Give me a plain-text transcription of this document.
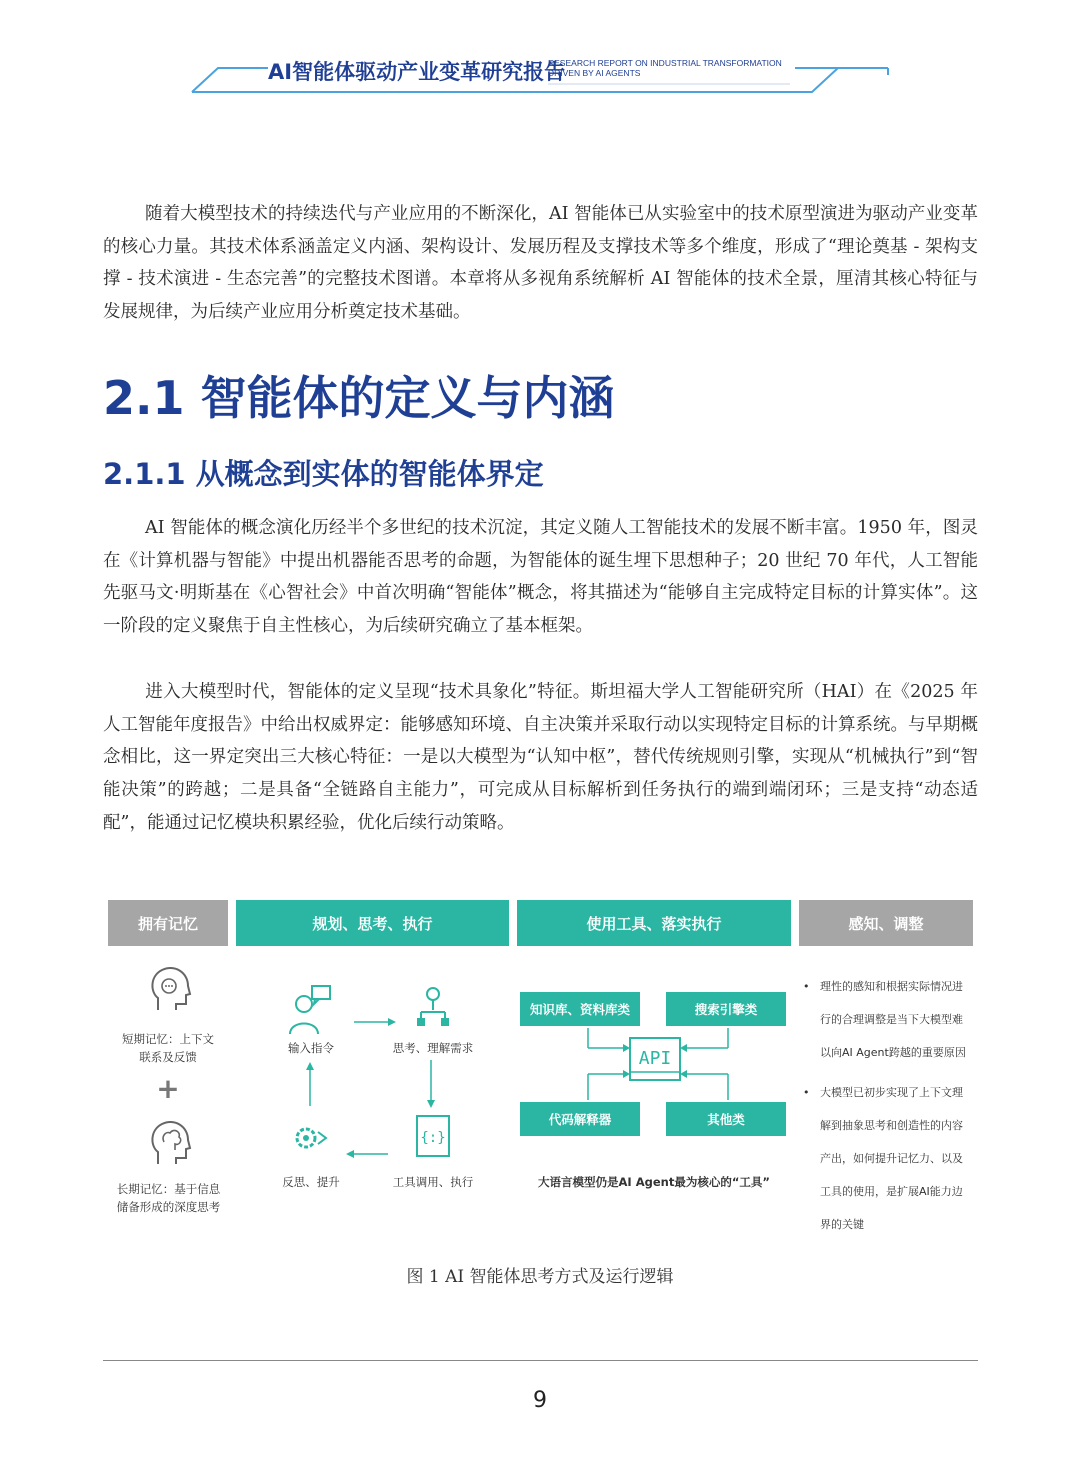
AI智能体驱动产业变革研究报告
RESEARCH REPORT ON INDUSTRIAL TRANSFORMATION
DRIVEN BY AI AGENTS

随着大模型技术的持续迭代与产业应用的不断深化，AI 智能体已从实验室中的技术原型演进为驱动产业变革的核心力量。其技术体系涵盖定义内涵、架构设计、发展历程及支撑技术等多个维度，形成了“理论奠基 - 架构支撑 - 技术演进 - 生态完善”的完整技术图谱。本章将从多视角系统解析 AI 智能体的技术全景，厘清其核心特征与发展规律，为后续产业应用分析奠定技术基础。

2.1 智能体的定义与内涵
2.1.1 从概念到实体的智能体界定

AI 智能体的概念演化历经半个多世纪的技术沉淀，其定义随人工智能技术的发展不断丰富。1950 年，图灵在《计算机器与智能》中提出机器能否思考的命题，为智能体的诞生埋下思想种子；20 世纪 70 年代，人工智能先驱马文·明斯基在《心智社会》中首次明确“智能体”概念，将其描述为“能够自主完成特定目标的计算实体”。这一阶段的定义聚焦于自主性核心，为后续研究确立了基本框架。

进入大模型时代，智能体的定义呈现“技术具象化”特征。斯坦福大学人工智能研究所（HAI）在《2025 年人工智能年度报告》中给出权威界定：能够感知环境、自主决策并采取行动以实现特定目标的计算系统。与早期概念相比，这一界定突出三大核心特征：一是以大模型为“认知中枢”，替代传统规则引擎，实现从“机械执行”到“智能决策”的跨越；二是具备“全链路自主能力”，可完成从目标解析到任务执行的端到端闭环；三是支持“动态适配”，能通过记忆模块积累经验，优化后续行动策略。

拥有记忆	规划、思考、执行	使用工具、落实执行	感知、调整
短期记忆：上下文
联系及反馈
+
长期记忆：基于信息
储备形成的深度思考
输入指令	思考、理解需求
反思、提升
{:}
工具调用、执行
知识库、资料库类	搜索引擎类
代码解释器	其他类
API
大语言模型仍是AI Agent最为核心的“工具”
• 理性的感知和根据实际情况进行的合理调整是当下大模型难以向AI Agent跨越的重要原因
• 大模型已初步实现了上下文理解到抽象思考和创造性的内容产出，如何提升记忆力、以及工具的使用，是扩展AI能力边界的关键
图 1 AI 智能体思考方式及运行逻辑
9
